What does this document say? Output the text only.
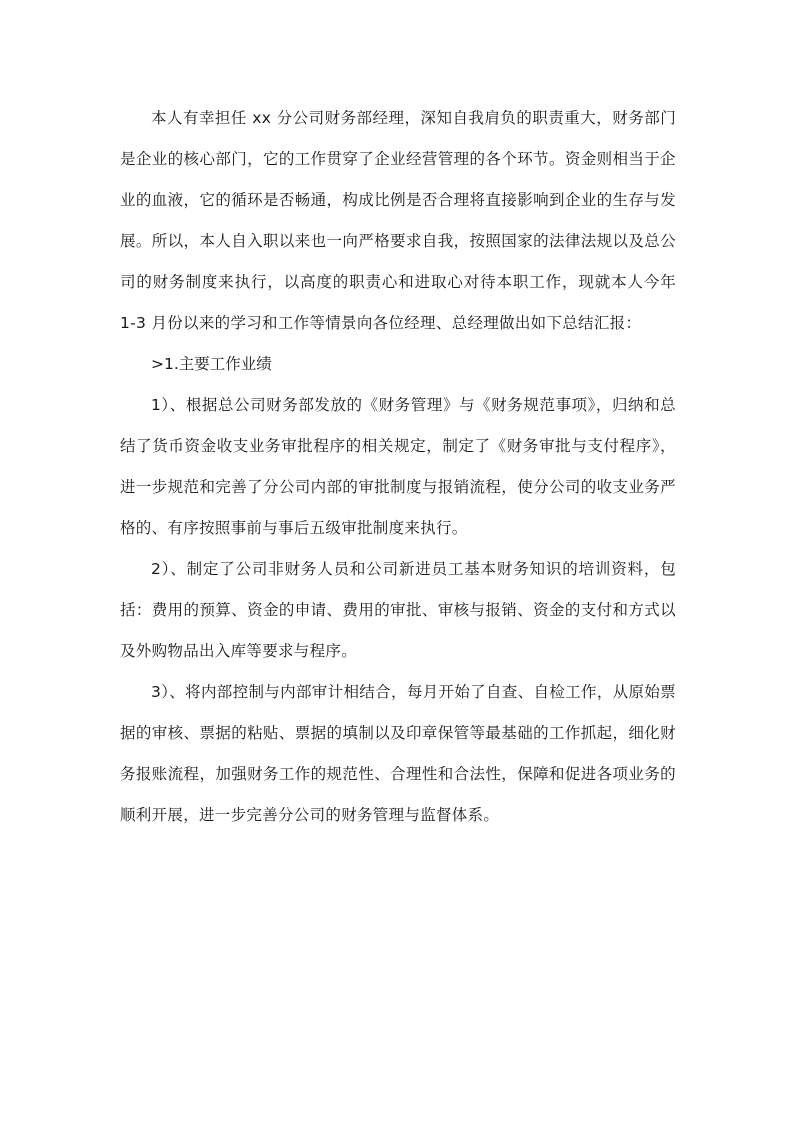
本人有幸担任 xx 分公司财务部经理，深知自我肩负的职责重大，财务部门是企业的核心部门，它的工作贯穿了企业经营管理的各个环节。资金则相当于企业的血液，它的循环是否畅通，构成比例是否合理将直接影响到企业的生存与发展。所以，本人自入职以来也一向严格要求自我，按照国家的法律法规以及总公司的财务制度来执行，以高度的职责心和进取心对待本职工作，现就本人今年 1-3 月份以来的学习和工作等情景向各位经理、总经理做出如下总结汇报：

>1.主要工作业绩

1）、根据总公司财务部发放的《财务管理》与《财务规范事项》，归纳和总结了货币资金收支业务审批程序的相关规定，制定了《财务审批与支付程序》，进一步规范和完善了分公司内部的审批制度与报销流程，使分公司的收支业务严格的、有序按照事前与事后五级审批制度来执行。

2）、制定了公司非财务人员和公司新进员工基本财务知识的培训资料，包括：费用的预算、资金的申请、费用的审批、审核与报销、资金的支付和方式以及外购物品出入库等要求与程序。

3）、将内部控制与内部审计相结合，每月开始了自查、自检工作，从原始票据的审核、票据的粘贴、票据的填制以及印章保管等最基础的工作抓起，细化财务报账流程，加强财务工作的规范性、合理性和合法性，保障和促进各项业务的顺利开展，进一步完善分公司的财务管理与监督体系。
